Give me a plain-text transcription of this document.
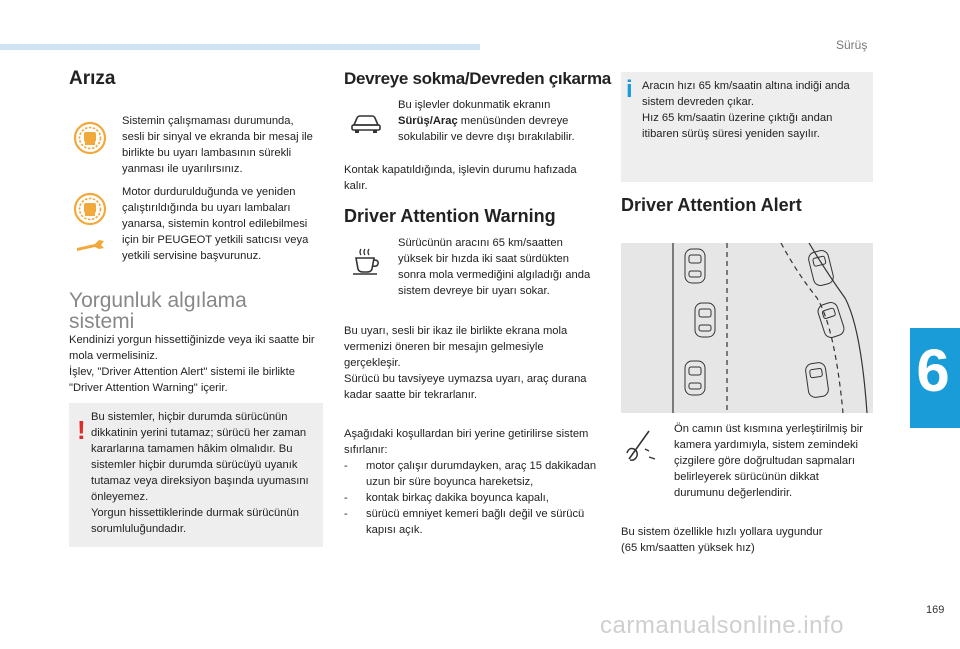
Sürüş
6
Arıza
Sistemin çalışmaması durumunda, sesli bir sinyal ve ekranda bir mesaj ile birlikte bu uyarı lambasının sürekli yanması ile uyarılırsınız.
Motor durdurulduğunda ve yeniden çalıştırıldığında bu uyarı lambaları yanarsa, sistemin kontrol edilebilmesi için bir PEUGEOT yetkili satıcısı veya yetkili servisine başvurunuz.
Yorgunluk algılama
sistemi
Kendinizi yorgun hissettiğinizde veya iki saatte bir mola vermelisiniz.
İşlev, "Driver Attention Alert" sistemi ile birlikte "Driver Attention Warning" içerir.
! Bu sistemler, hiçbir durumda sürücünün dikkatinin yerini tutamaz; sürücü her zaman kararlarına tamamen hâkim olmalıdır. Bu sistemler hiçbir durumda sürücüyü uyanık tutamaz veya direksiyon başında uyumasını önleyemez.
Yorgun hissettiklerinde durmak sürücünün sorumluluğundadır.
Devreye sokma/Devreden çıkarma
Bu işlevler dokunmatik ekranın
Sürüş/Araç menüsünden devreye sokulabilir ve devre dışı bırakılabilir.
Kontak kapatıldığında, işlevin durumu hafızada kalır.
Driver Attention Warning
Sürücünün aracını 65 km/saatten yüksek bir hızda iki saat sürdükten sonra mola vermediğini algıladığı anda sistem devreye bir uyarı sokar.
Bu uyarı, sesli bir ikaz ile birlikte ekrana mola vermenizi öneren bir mesajın gelmesiyle gerçekleşir.
Sürücü bu tavsiyeye uymazsa uyarı, araç durana kadar saatte bir tekrarlanır.
Aşağıdaki koşullardan biri yerine getirilirse sistem sıfırlanır:
-	motor çalışır durumdayken, araç 15 dakikadan uzun bir süre boyunca hareketsiz,
-	kontak birkaç dakika boyunca kapalı,
-	sürücü emniyet kemeri bağlı değil ve sürücü kapısı açık.
i Aracın hızı 65 km/saatin altına indiği anda sistem devreden çıkar.
Hız 65 km/saatin üzerine çıktığı andan itibaren sürüş süresi yeniden sayılır.
Driver Attention Alert
Ön camın üst kısmına yerleştirilmiş bir kamera yardımıyla, sistem zemindeki çizgilere göre doğrultudan sapmaları belirleyerek sürücünün dikkat durumunu değerlendirir.
Bu sistem özellikle hızlı yollara uygundur
(65 km/saatten yüksek hız)
169
carmanualsonline.info
